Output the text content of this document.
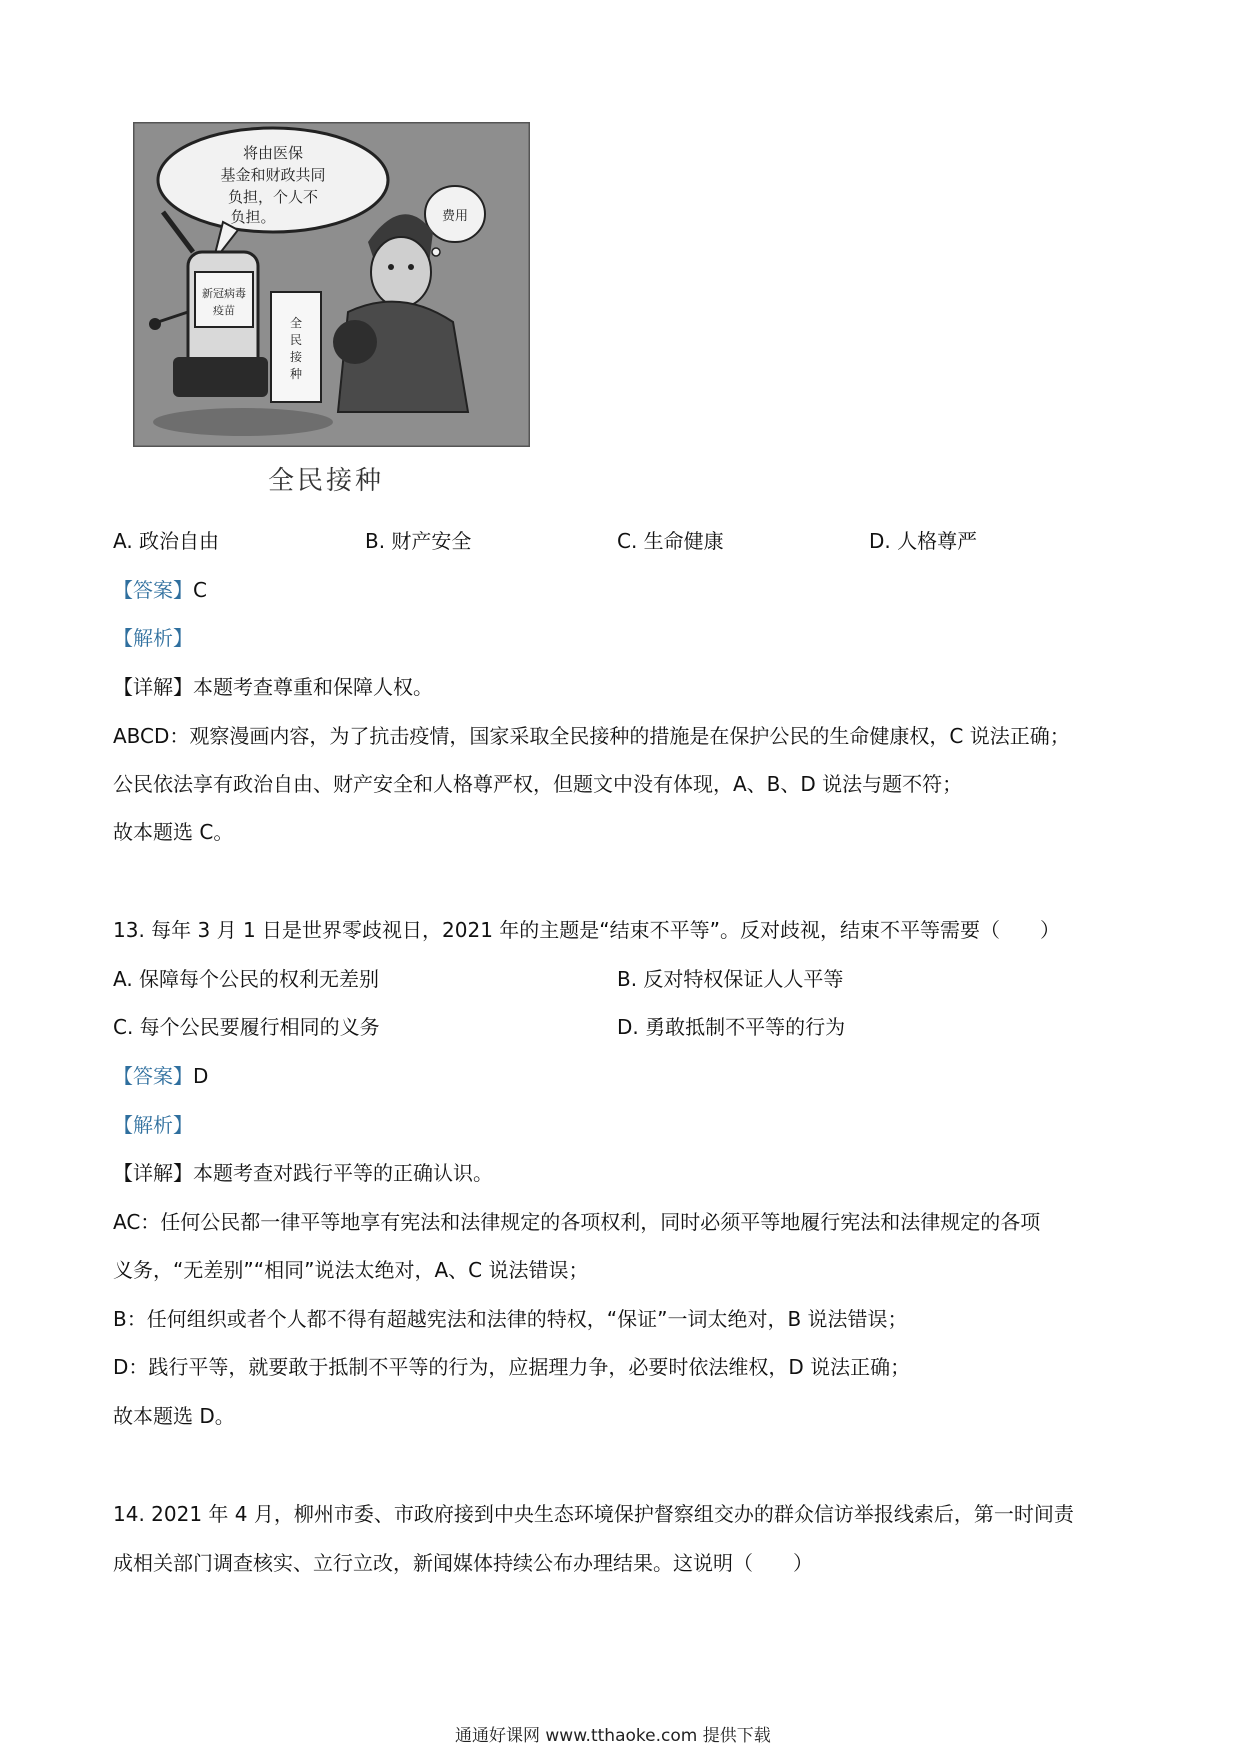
将由医保
基金和财政共同
负担，个人不
负担。	费用
新冠病毒
疫苗
全
民
接
种
全民接种
A. 政治自由	B. 财产安全	C. 生命健康	D. 人格尊严
【答案】C
【解析】
【详解】本题考查尊重和保障人权。
ABCD：观察漫画内容，为了抗击疫情，国家采取全民接种的措施是在保护公民的生命健康权，C 说法正确；
公民依法享有政治自由、财产安全和人格尊严权，但题文中没有体现，A、B、D 说法与题不符；
故本题选 C。
13. 每年 3 月 1 日是世界零歧视日，2021 年的主题是“结束不平等”。反对歧视，结束不平等需要（　　）
A. 保障每个公民的权利无差别	B. 反对特权保证人人平等
C. 每个公民要履行相同的义务	D. 勇敢抵制不平等的行为
【答案】D
【解析】
【详解】本题考查对践行平等的正确认识。
AC：任何公民都一律平等地享有宪法和法律规定的各项权利，同时必须平等地履行宪法和法律规定的各项
义务，“无差别”“相同”说法太绝对，A、C 说法错误；
B：任何组织或者个人都不得有超越宪法和法律的特权，“保证”一词太绝对，B 说法错误；
D：践行平等，就要敢于抵制不平等的行为，应据理力争，必要时依法维权，D 说法正确；
故本题选 D。
14. 2021 年 4 月，柳州市委、市政府接到中央生态环境保护督察组交办的群众信访举报线索后，第一时间责
成相关部门调查核实、立行立改，新闻媒体持续公布办理结果。这说明（　　）
通通好课网 www.tthaoke.com 提供下载
